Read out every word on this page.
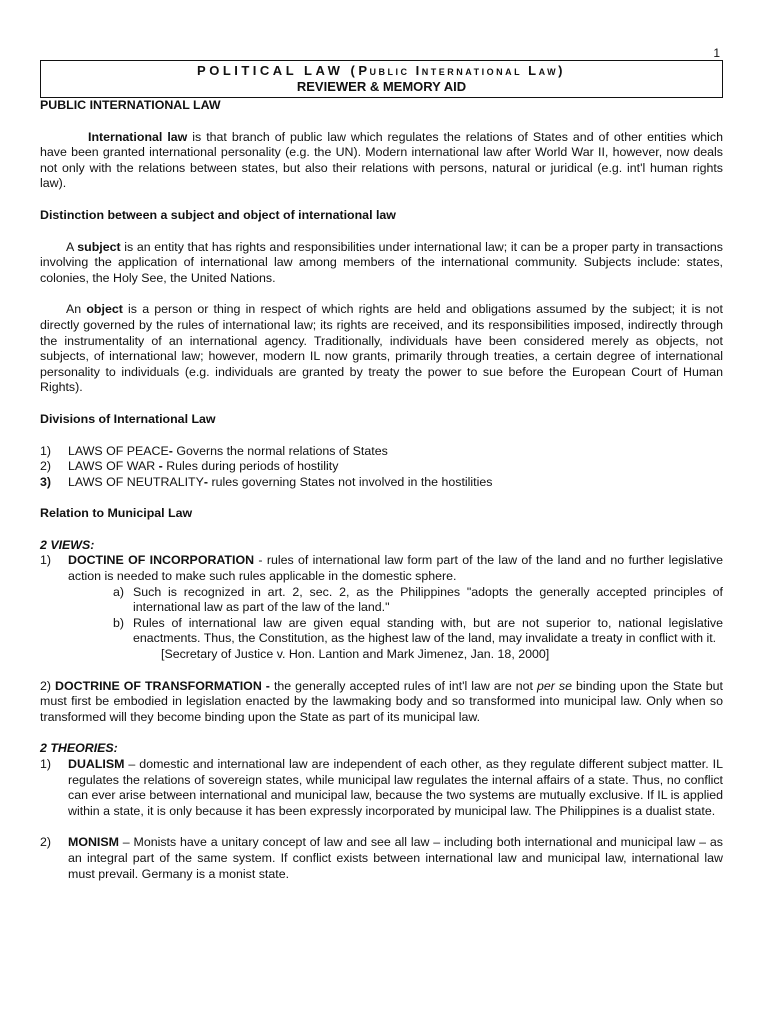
1
POLITICAL LAW (Public International Law)
REVIEWER & MEMORY AID

PUBLIC INTERNATIONAL LAW

International law is that branch of public law which regulates the relations of States and of other entities which have been granted international personality (e.g. the UN). Modern international law after World War II, however, now deals not only with the relations between states, but also their relations with persons, natural or juridical (e.g. int'l human rights law).

Distinction between a subject and object of international law

A subject is an entity that has rights and responsibilities under international law; it can be a proper party in transactions involving the application of international law among members of the international community. Subjects include: states, colonies, the Holy See, the United Nations.

An object is a person or thing in respect of which rights are held and obligations assumed by the subject; it is not directly governed by the rules of international law; its rights are received, and its responsibilities imposed, indirectly through the instrumentality of an international agency. Traditionally, individuals have been considered merely as objects, not subjects, of international law; however, modern IL now grants, primarily through treaties, a certain degree of international personality to individuals (e.g. individuals are granted by treaty the power to sue before the European Court of Human Rights).

Divisions of International Law

1)	LAWS OF PEACE- Governs the normal relations of States
2)	LAWS OF WAR - Rules during periods of hostility
3)	LAWS OF NEUTRALITY- rules governing States not involved in the hostilities

Relation to Municipal Law

2 VIEWS:

1)	DOCTINE OF INCORPORATION - rules of international law form part of the law of the land and no further legislative action is needed to make such rules applicable in the domestic sphere.
a) Such is recognized in art. 2, sec. 2, as the Philippines "adopts the generally accepted principles of international law as part of the law of the land."
b) Rules of international law are given equal standing with, but are not superior to, national legislative enactments. Thus, the Constitution, as the highest law of the land, may invalidate a treaty in conflict with it.

[Secretary of Justice v. Hon. Lantion and Mark Jimenez, Jan. 18, 2000]

2) DOCTRINE OF TRANSFORMATION - the generally accepted rules of int'l law are not per se binding upon the State but must first be embodied in legislation enacted by the lawmaking body and so transformed into municipal law. Only when so transformed will they become binding upon the State as part of its municipal law.

2 THEORIES:

1)	DUALISM – domestic and international law are independent of each other, as they regulate different subject matter. IL regulates the relations of sovereign states, while municipal law regulates the internal affairs of a state. Thus, no conflict can ever arise between international and municipal law, because the two systems are mutually exclusive. If IL is applied within a state, it is only because it has been expressly incorporated by municipal law. The Philippines is a dualist state.
2)	MONISM – Monists have a unitary concept of law and see all law – including both international and municipal law – as an integral part of the same system. If conflict exists between international law and municipal law, international law must prevail. Germany is a monist state.
